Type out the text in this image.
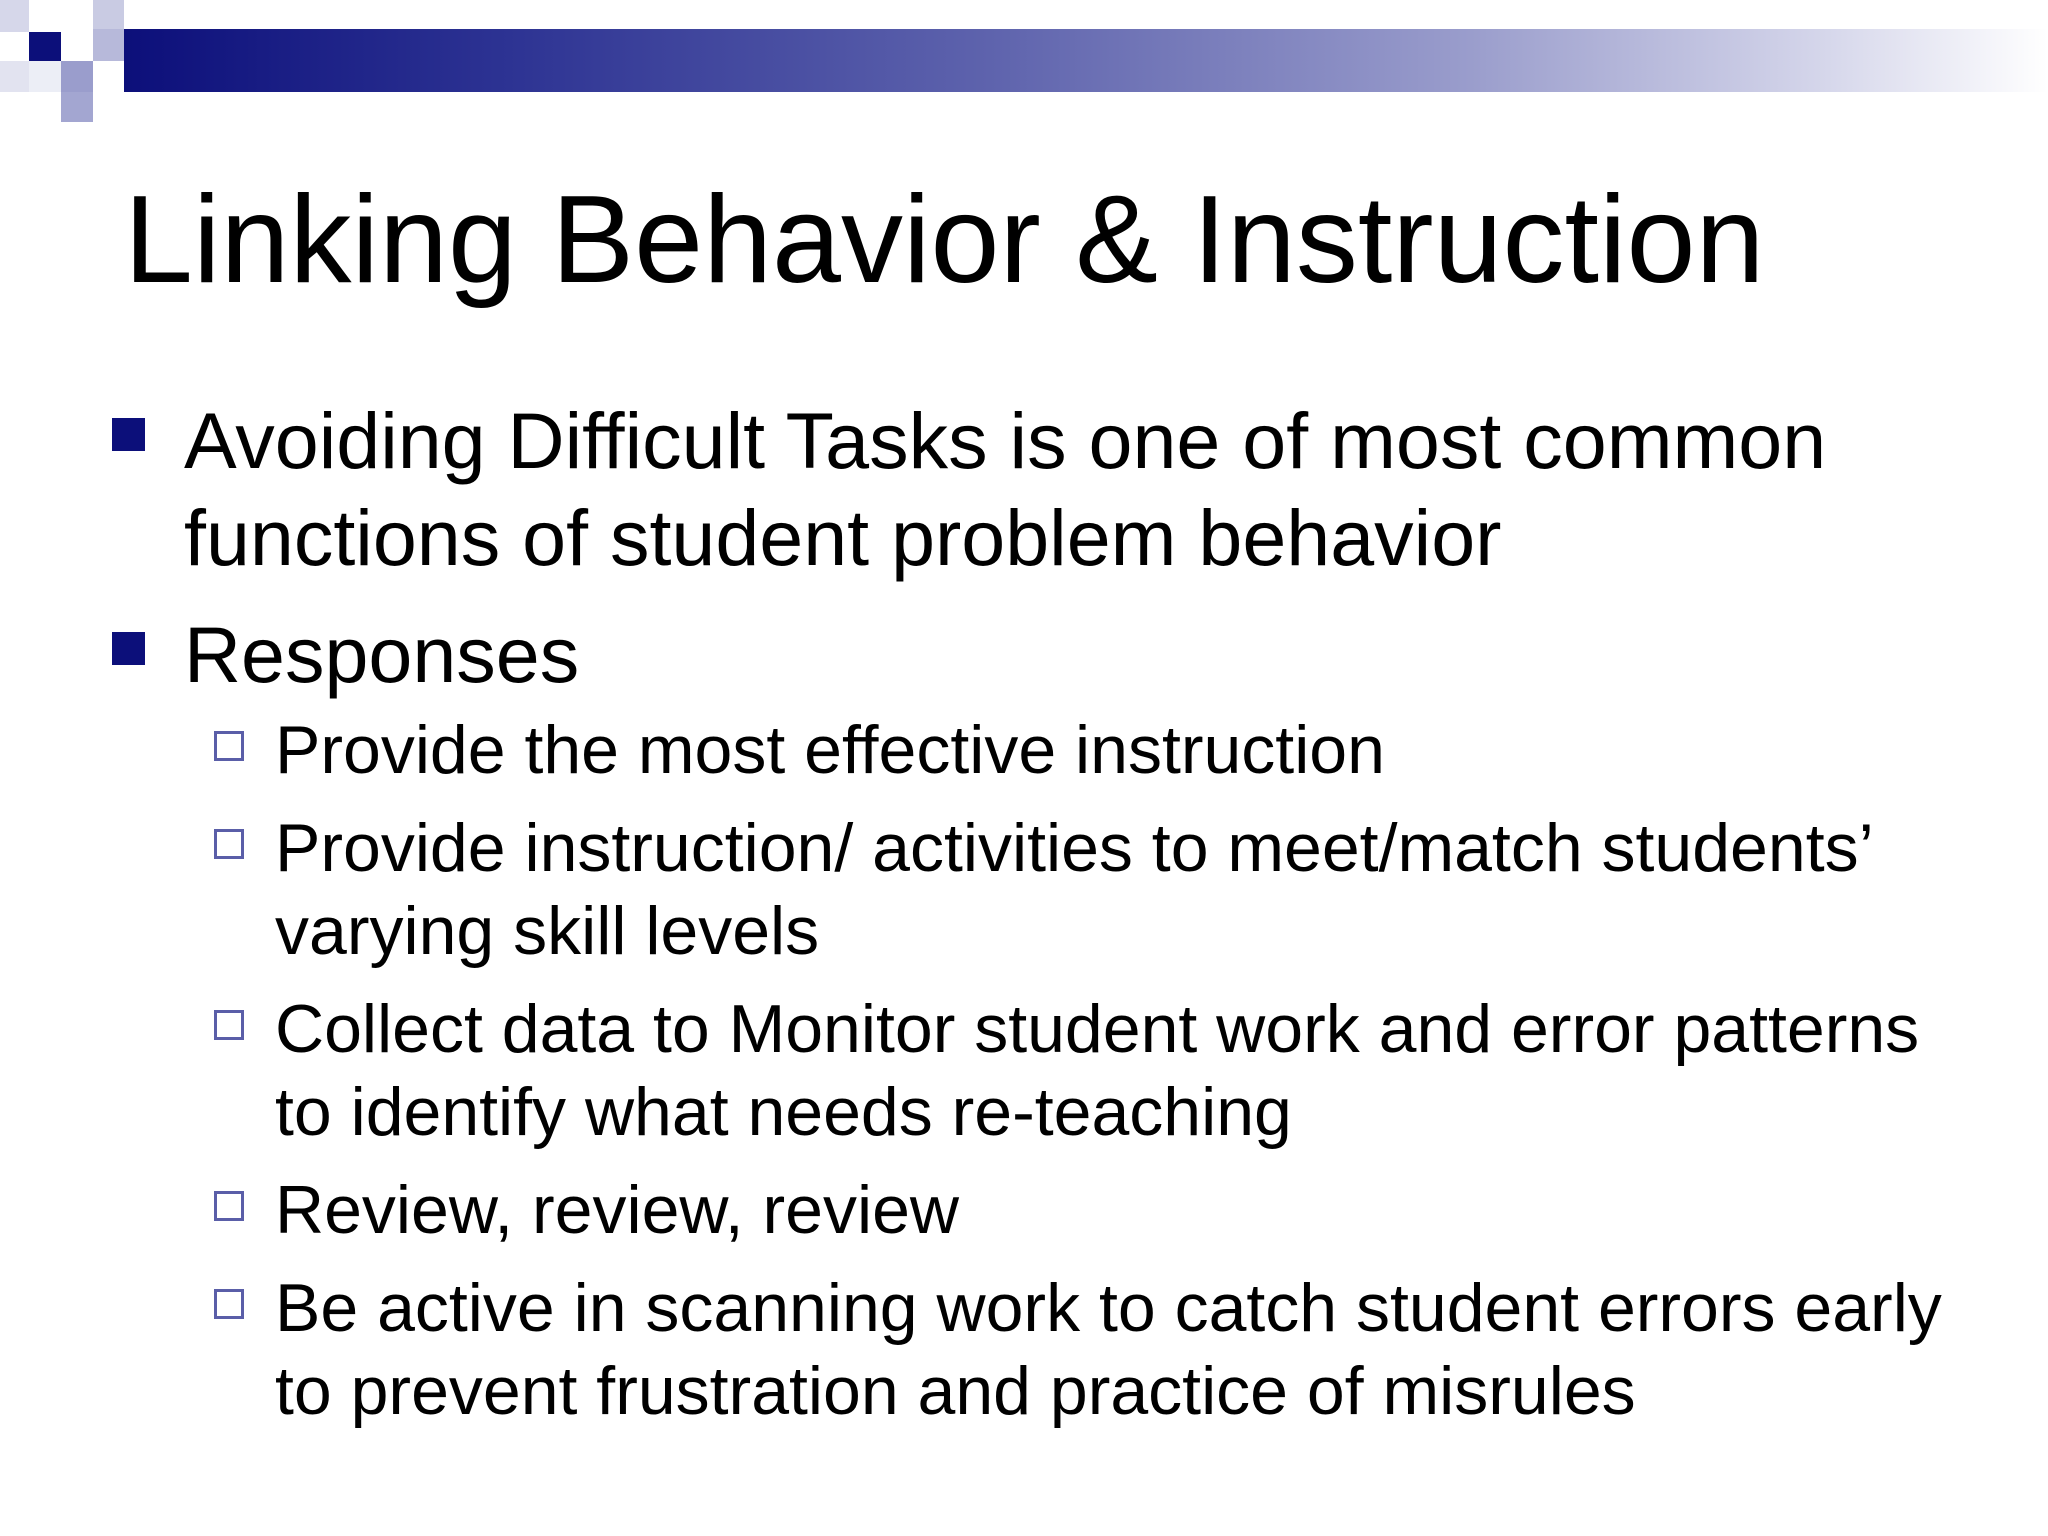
Linking Behavior & Instruction
Avoiding Difficult Tasks is one of most common functions of student problem behavior
Responses
Provide the most effective instruction
Provide instruction/ activities to meet/match students’ varying skill levels
Collect data to Monitor student work and error patterns to identify what needs re-teaching
Review, review, review
Be active in scanning work to catch student errors early to prevent frustration and practice of misrules
